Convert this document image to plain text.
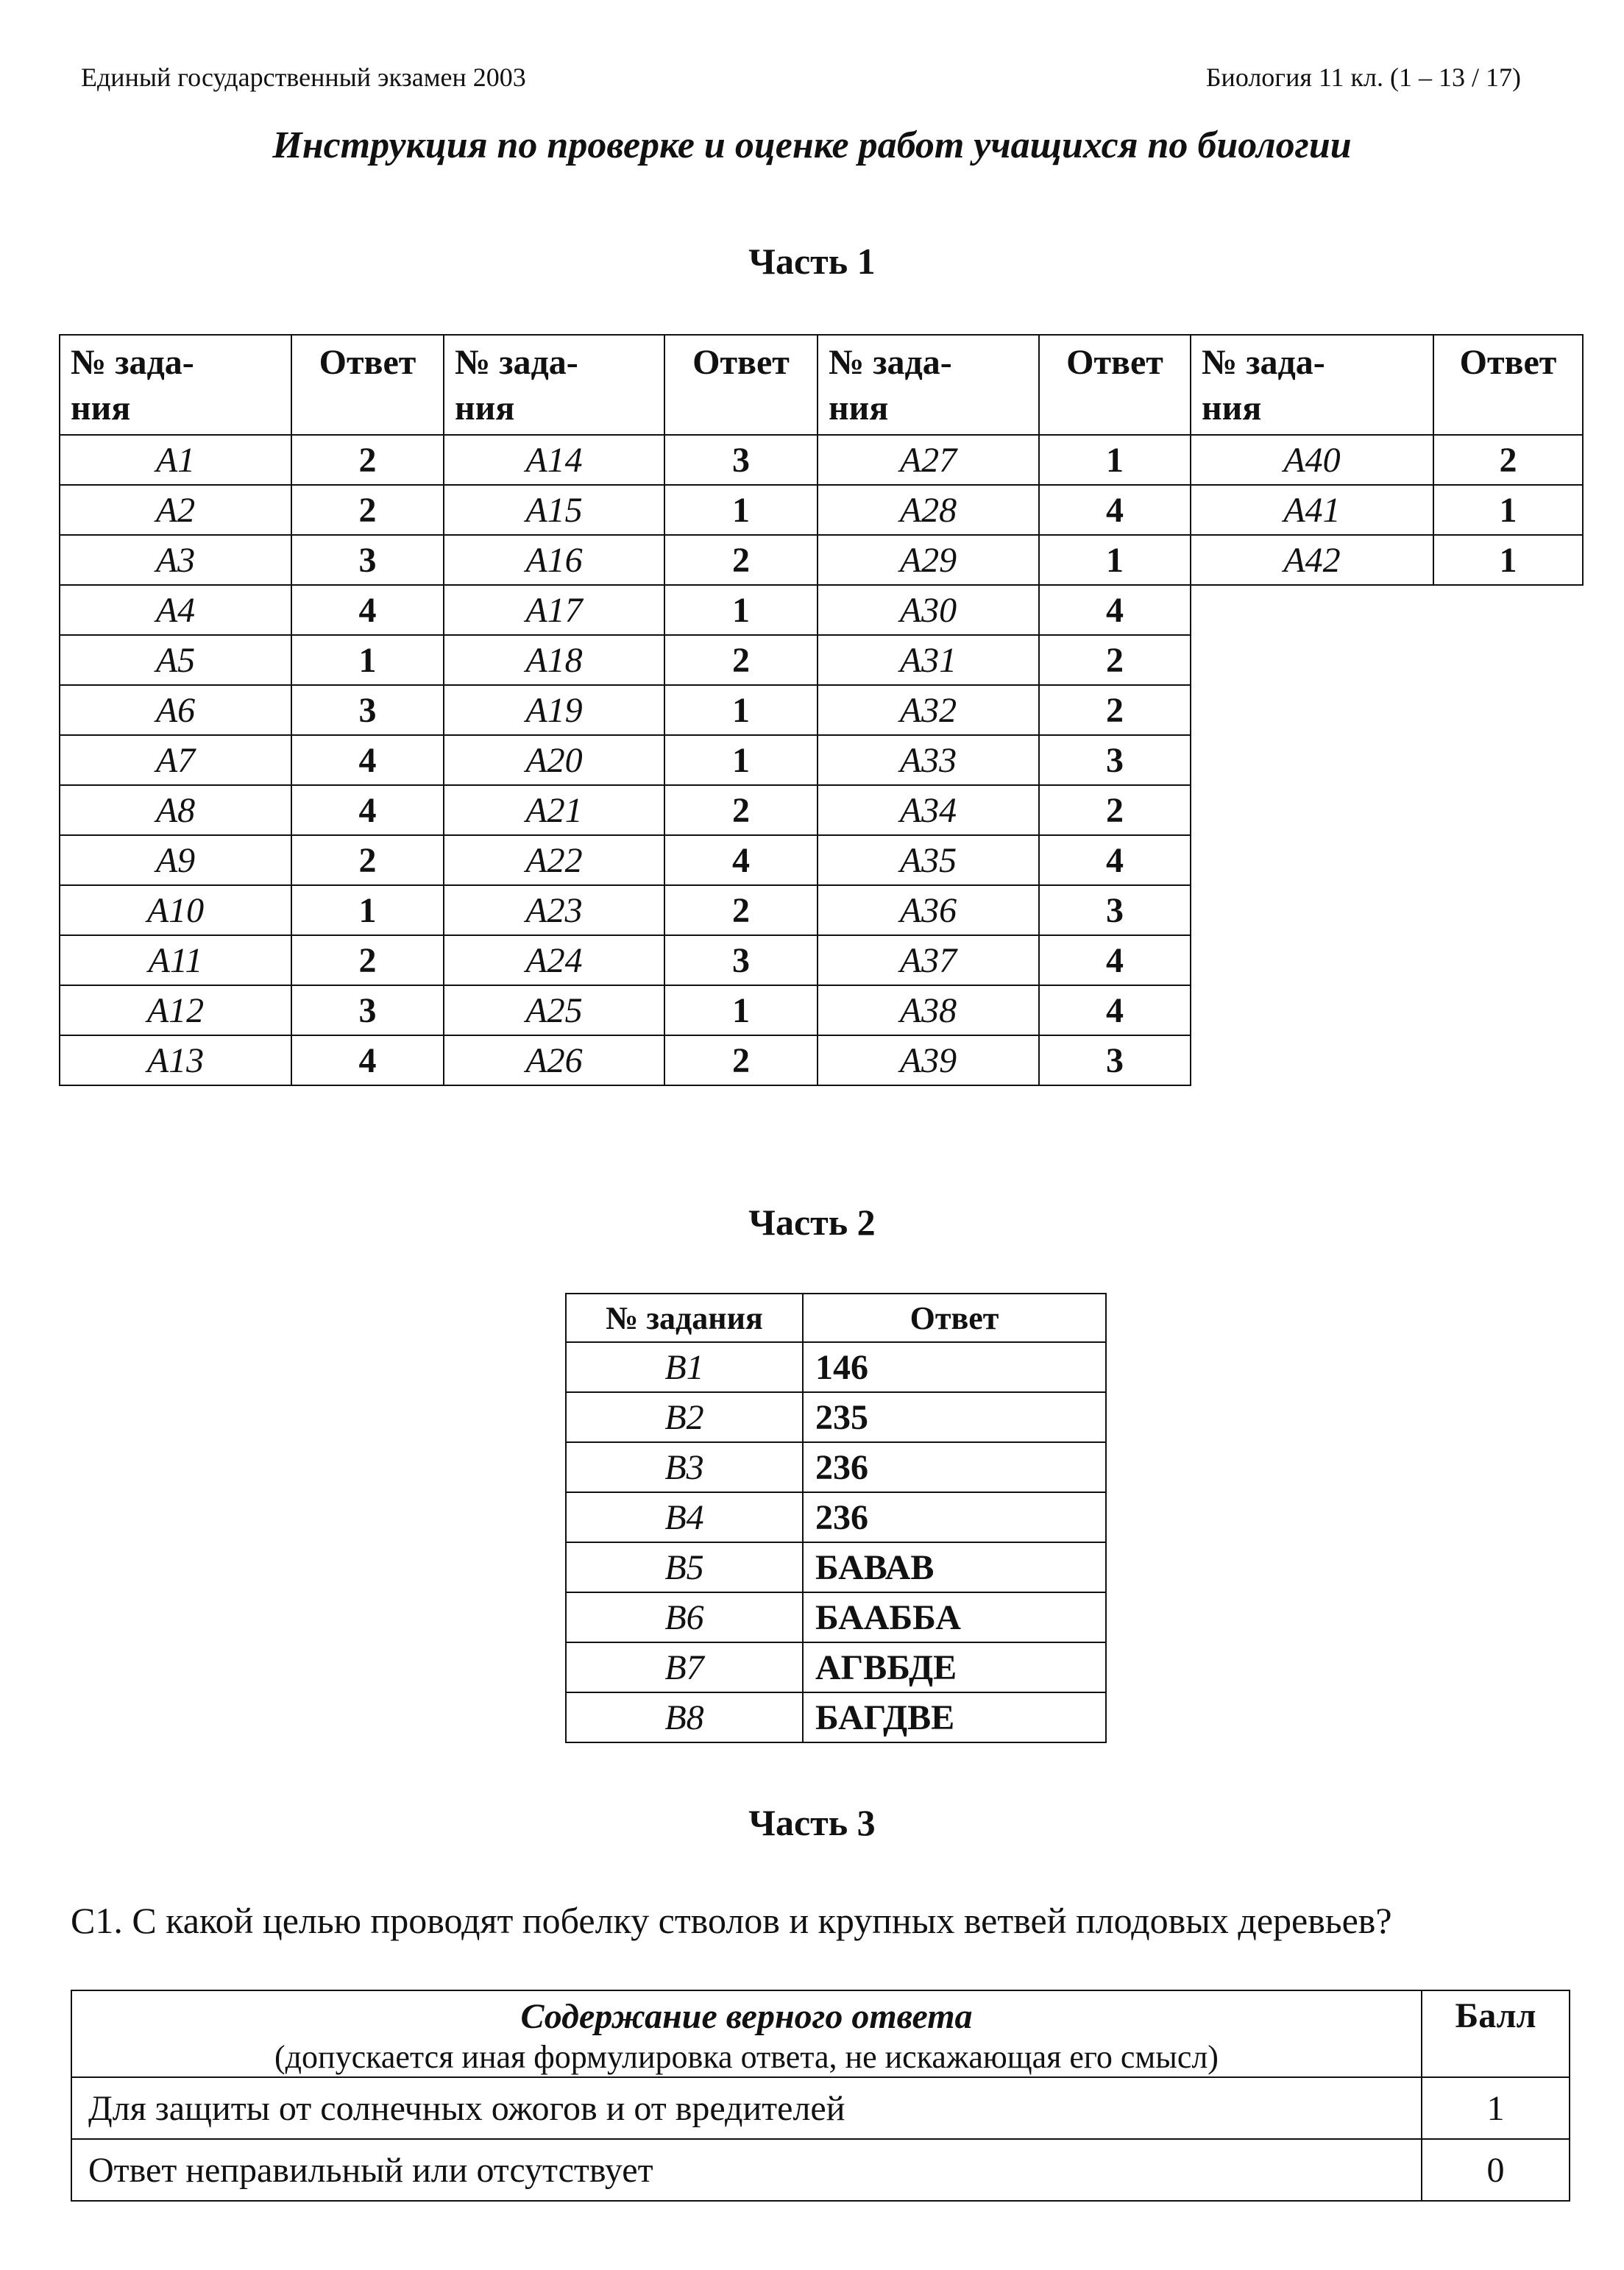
Единый государственный экзамен 2003	Биология 11 кл. (1 – 13 / 17)
Инструкция по проверке и оценке работ учащихся по биологии
Часть 1
№ зада-
ния	Ответ	№ зада-
ния	Ответ	№ зада-
ния	Ответ	№ зада-
ния	Ответ
A1	2	A14	3	A27	1	A40	2
A2	2	A15	1	A28	4	A41	1
A3	3	A16	2	A29	1	A42	1
A4	4	A17	1	A30	4		
A5	1	A18	2	A31	2		
A6	3	A19	1	A32	2		
A7	4	A20	1	A33	3		
A8	4	A21	2	A34	2		
A9	2	A22	4	A35	4		
A10	1	A23	2	A36	3		
A11	2	A24	3	A37	4		
A12	3	A25	1	A38	4		
A13	4	A26	2	A39	3		
Часть 2
№ задания	Ответ
B1	146
B2	235
B3	236
B4	236
B5	БАВАВ
B6	БААББА
B7	АГВБДЕ
B8	БАГДВЕ
Часть 3
С1. С какой целью проводят побелку стволов и крупных ветвей плодовых деревьев?
Содержание верного ответа
(допускается иная формулировка ответа, не искажающая его смысл)	Балл
Для защиты от солнечных ожогов и от вредителей	1
Ответ неправильный или отсутствует	0
